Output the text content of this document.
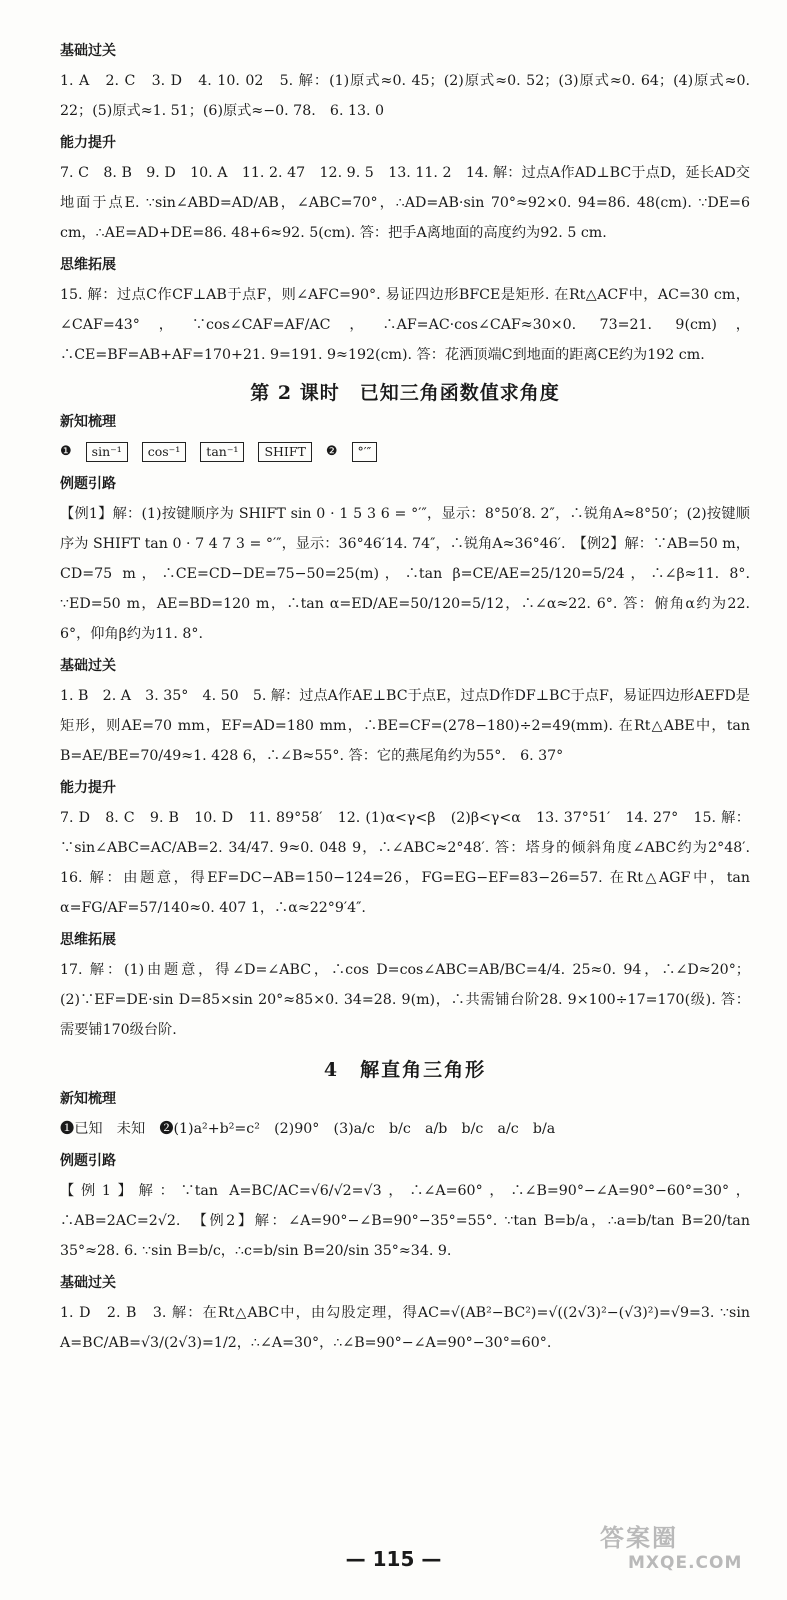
基础过关

1. A　2. C　3. D　4. 10. 02　5. 解：(1)原式≈0. 45；(2)原式≈0. 52；(3)原式≈0. 64；(4)原式≈0. 22；(5)原式≈1. 51；(6)原式≈−0. 78.　6. 13. 0

能力提升

7. C　8. B　9. D　10. A　11. 2. 47　12. 9. 5　13. 11. 2　14. 解：过点A作AD⊥BC于点D，延长AD交地面于点E. ∵sin∠ABD=AD/AB，∠ABC=70°，∴AD=AB·sin 70°≈92×0. 94=86. 48(cm). ∵DE=6 cm，∴AE=AD+DE=86. 48+6≈92. 5(cm). 答：把手A离地面的高度约为92. 5 cm.

思维拓展

15. 解：过点C作CF⊥AB于点F，则∠AFC=90°. 易证四边形BFCE是矩形. 在Rt△ACF中，AC=30 cm，∠CAF=43°，∵cos∠CAF=AF/AC，∴AF=AC·cos∠CAF≈30×0. 73=21. 9(cm)，∴CE=BF=AB+AF=170+21. 9=191. 9≈192(cm). 答：花洒顶端C到地面的距离CE约为192 cm.

第 2 课时　已知三角函数值求角度
新知梳理
❶	sin⁻¹	cos⁻¹	tan⁻¹	SHIFT	❷	°′″
例题引路

【例1】解：(1)按键顺序为 SHIFT sin 0 · 1 5 3 6 = °′″，显示：8°50′8. 2″，∴锐角A≈8°50′；(2)按键顺序为 SHIFT tan 0 · 7 4 7 3 = °′″，显示：36°46′14. 74″，∴锐角A≈36°46′.　【例2】解：∵AB=50 m，CD=75 m，∴CE=CD−DE=75−50=25(m)，∴tan β=CE/AE=25/120=5/24，∴∠β≈11. 8°. ∵ED=50 m，AE=BD=120 m，∴tan α=ED/AE=50/120=5/12，∴∠α≈22. 6°. 答：俯角α约为22. 6°，仰角β约为11. 8°.

基础过关

1. B　2. A　3. 35°　4. 50　5. 解：过点A作AE⊥BC于点E，过点D作DF⊥BC于点F，易证四边形AEFD是矩形，则AE=70 mm，EF=AD=180 mm，∴BE=CF=(278−180)÷2=49(mm). 在Rt△ABE中，tan B=AE/BE=70/49≈1. 428 6，∴∠B≈55°. 答：它的燕尾角约为55°.　6. 37°

能力提升

7. D　8. C　9. B　10. D　11. 89°58′　12. (1)α<γ<β　(2)β<γ<α　13. 37°51′　14. 27°　15. 解：∵sin∠ABC=AC/AB=2. 34/47. 9≈0. 048 9，∴∠ABC≈2°48′. 答：塔身的倾斜角度∠ABC约为2°48′.　16. 解：由题意，得EF=DC−AB=150−124=26，FG=EG−EF=83−26=57. 在Rt△AGF中，tan α=FG/AF=57/140≈0. 407 1，∴α≈22°9′4″.

思维拓展

17. 解：(1)由题意，得∠D=∠ABC，∴cos D=cos∠ABC=AB/BC=4/4. 25≈0. 94，∴∠D≈20°；(2)∵EF=DE·sin D=85×sin 20°≈85×0. 34=28. 9(m)，∴共需铺台阶28. 9×100÷17=170(级). 答：需要铺170级台阶.

4　解直角三角形
新知梳理

❶已知　未知　❷(1)a²+b²=c²　(2)90°　(3)a/c　b/c　a/b　b/c　a/c　b/a

例题引路

【例1】解：∵tan A=BC/AC=√6/√2=√3，∴∠A=60°，∴∠B=90°−∠A=90°−60°=30°，∴AB=2AC=2√2.　【例2】解：∠A=90°−∠B=90°−35°=55°. ∵tan B=b/a，∴a=b/tan B=20/tan 35°≈28. 6. ∵sin B=b/c，∴c=b/sin B=20/sin 35°≈34. 9.

基础过关

1. D　2. B　3. 解：在Rt△ABC中，由勾股定理，得AC=√(AB²−BC²)=√((2√3)²−(√3)²)=√9=3. ∵sin A=BC/AB=√3/(2√3)=1/2，∴∠A=30°，∴∠B=90°−∠A=90°−30°=60°.

— 115 —
答案圈
MXQE.COM
